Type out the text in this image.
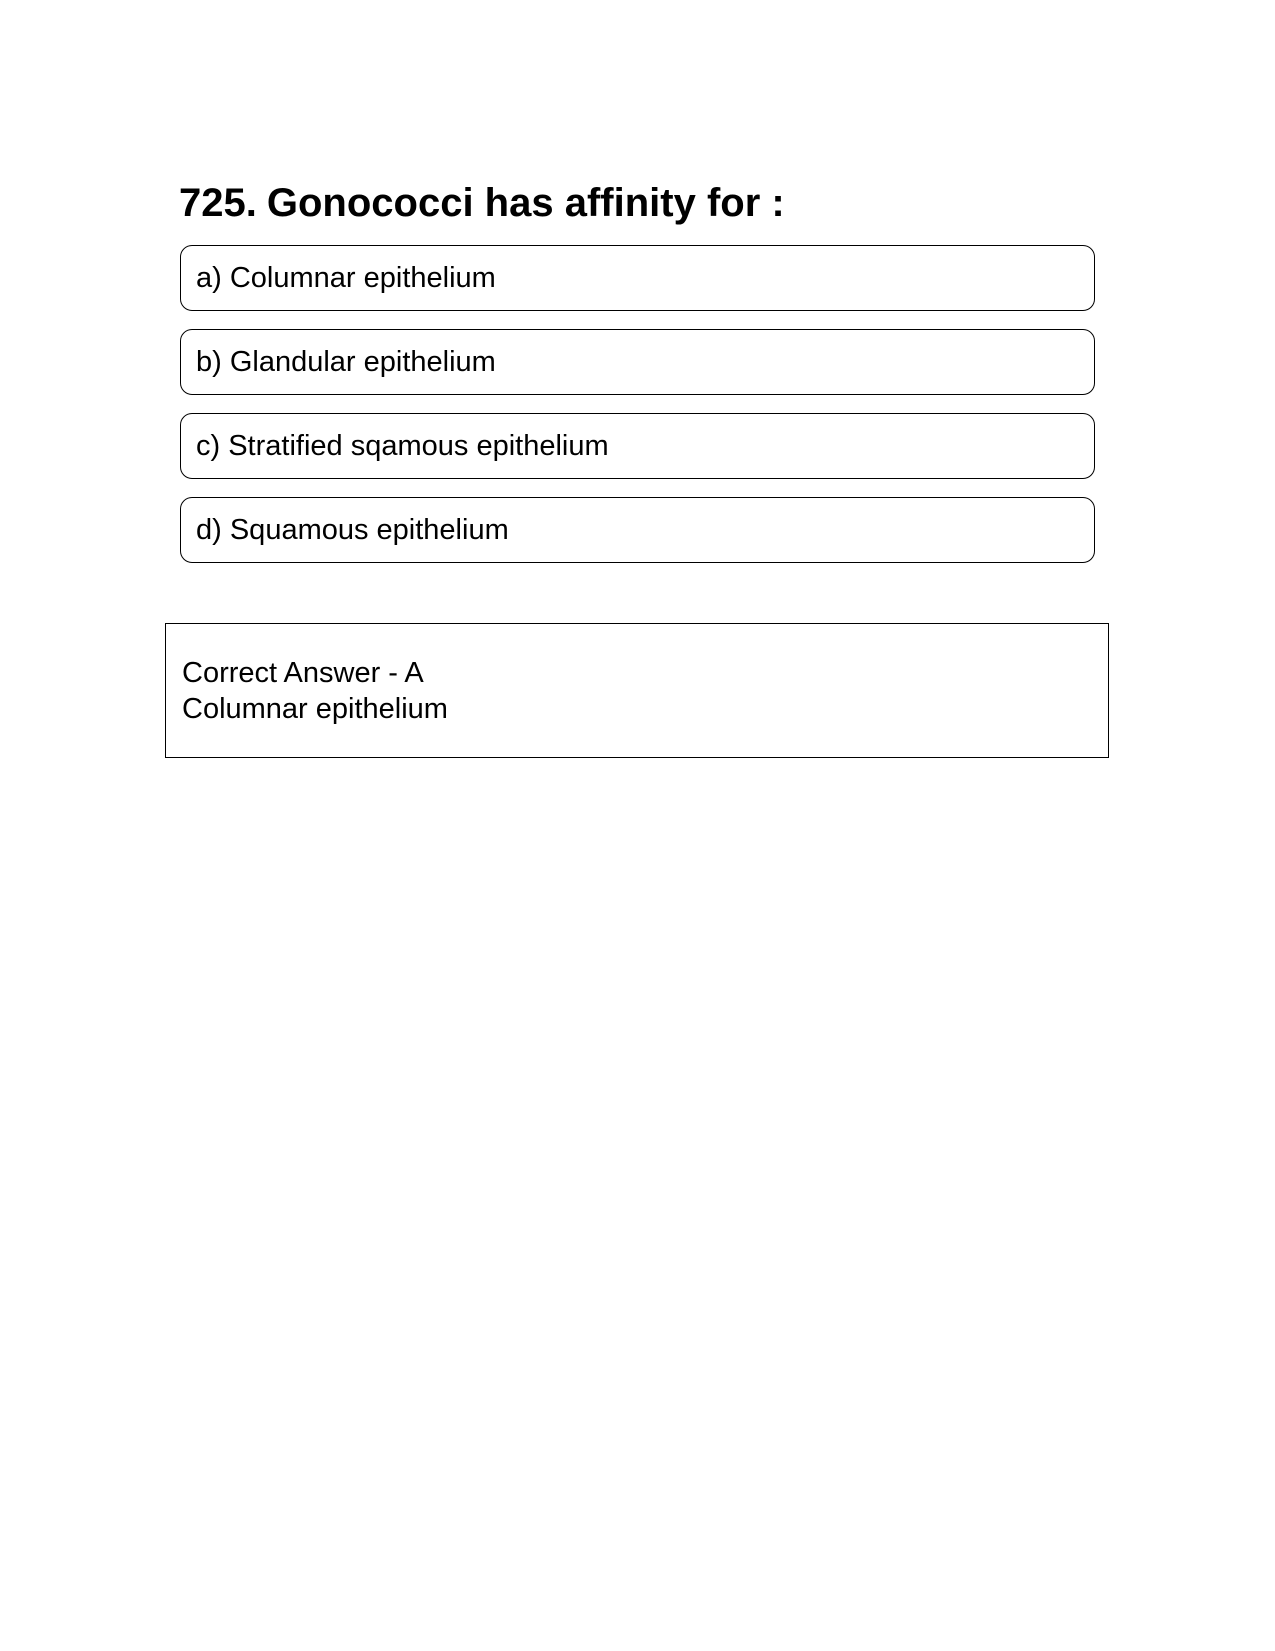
725. Gonococci has affinity for :
a) Columnar epithelium
b) Glandular epithelium
c) Stratified sqamous epithelium
d) Squamous epithelium
Correct Answer - A
Columnar epithelium
